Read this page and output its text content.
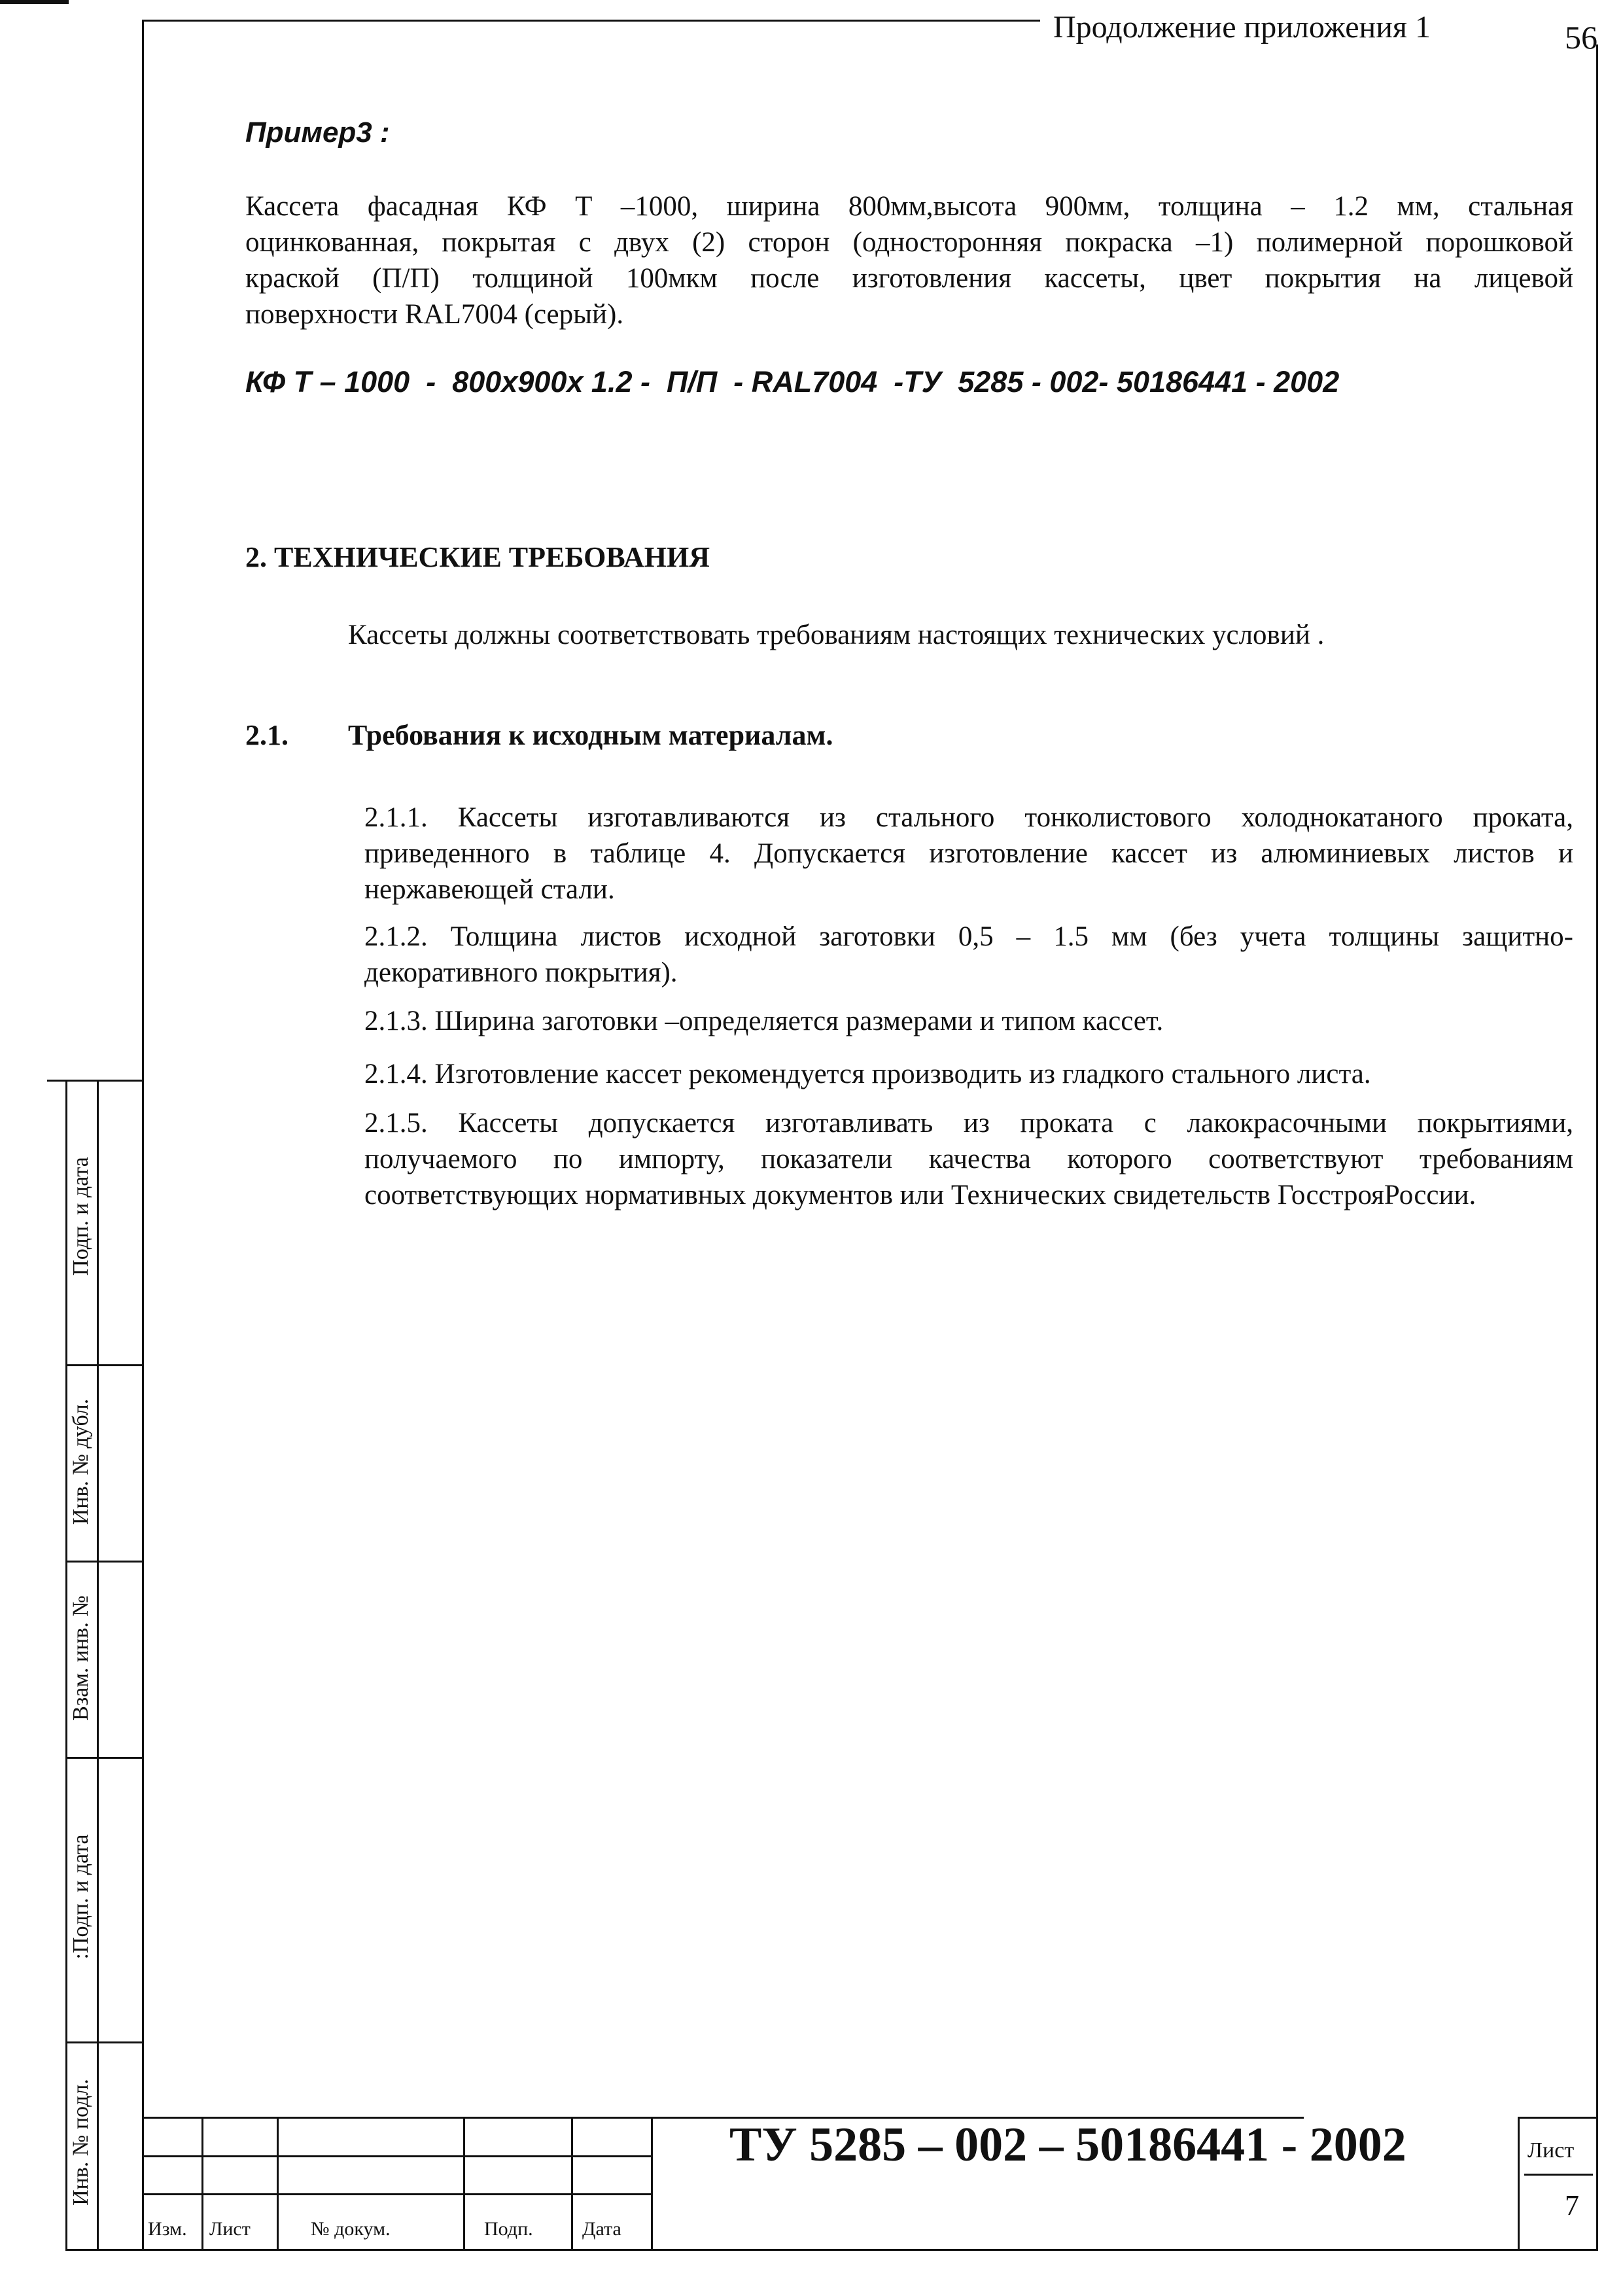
Продолжение приложения 1	56
Пример3 :
Кассета фасадная КФ Т –1000, ширина 800мм,высота 900мм, толщина – 1.2 мм, стальная
оцинкованная, покрытая с двух (2) сторон (односторонняя покраска –1) полимерной порошковой
краской (П/П) толщиной 100мкм после изготовления кассеты, цвет покрытия на лицевой
поверхности RAL7004 (серый).
КФ Т – 1000  -  800x900x 1.2 -  П/П  - RAL7004  -ТУ  5285 - 002- 50186441 - 2002
2. ТЕХНИЧЕСКИЕ ТРЕБОВАНИЯ
Кассеты должны соответствовать требованиям настоящих технических условий .
2.1. Требования к исходным материалам.
2.1.1. Кассеты изготавливаются из стального тонколистового холоднокатаного проката,
приведенного в таблице 4. Допускается изготовление кассет из алюминиевых листов и
нержавеющей стали.
2.1.2. Толщина листов исходной заготовки 0,5 – 1.5 мм (без учета толщины защитно-
декоративного покрытия).
2.1.3. Ширина заготовки –определяется размерами и типом кассет.
2.1.4. Изготовление кассет рекомендуется производить из гладкого стального листа.
2.1.5. Кассеты допускается изготавливать из проката с лакокрасочными покрытиями,
получаемого по импорту, показатели качества которого соответствуют требованиям
соответствующих нормативных документов или Технических свидетельств ГосстрояРоссии.
Подп. и дата
Инв. № дубл.
Взам. инв. №
:Подп. и дата
Инв. № подл.	ТУ 5285 – 002 – 50186441 - 2002
Изм. Лист	№ докум.	Подп.	Дата
Лист
7
